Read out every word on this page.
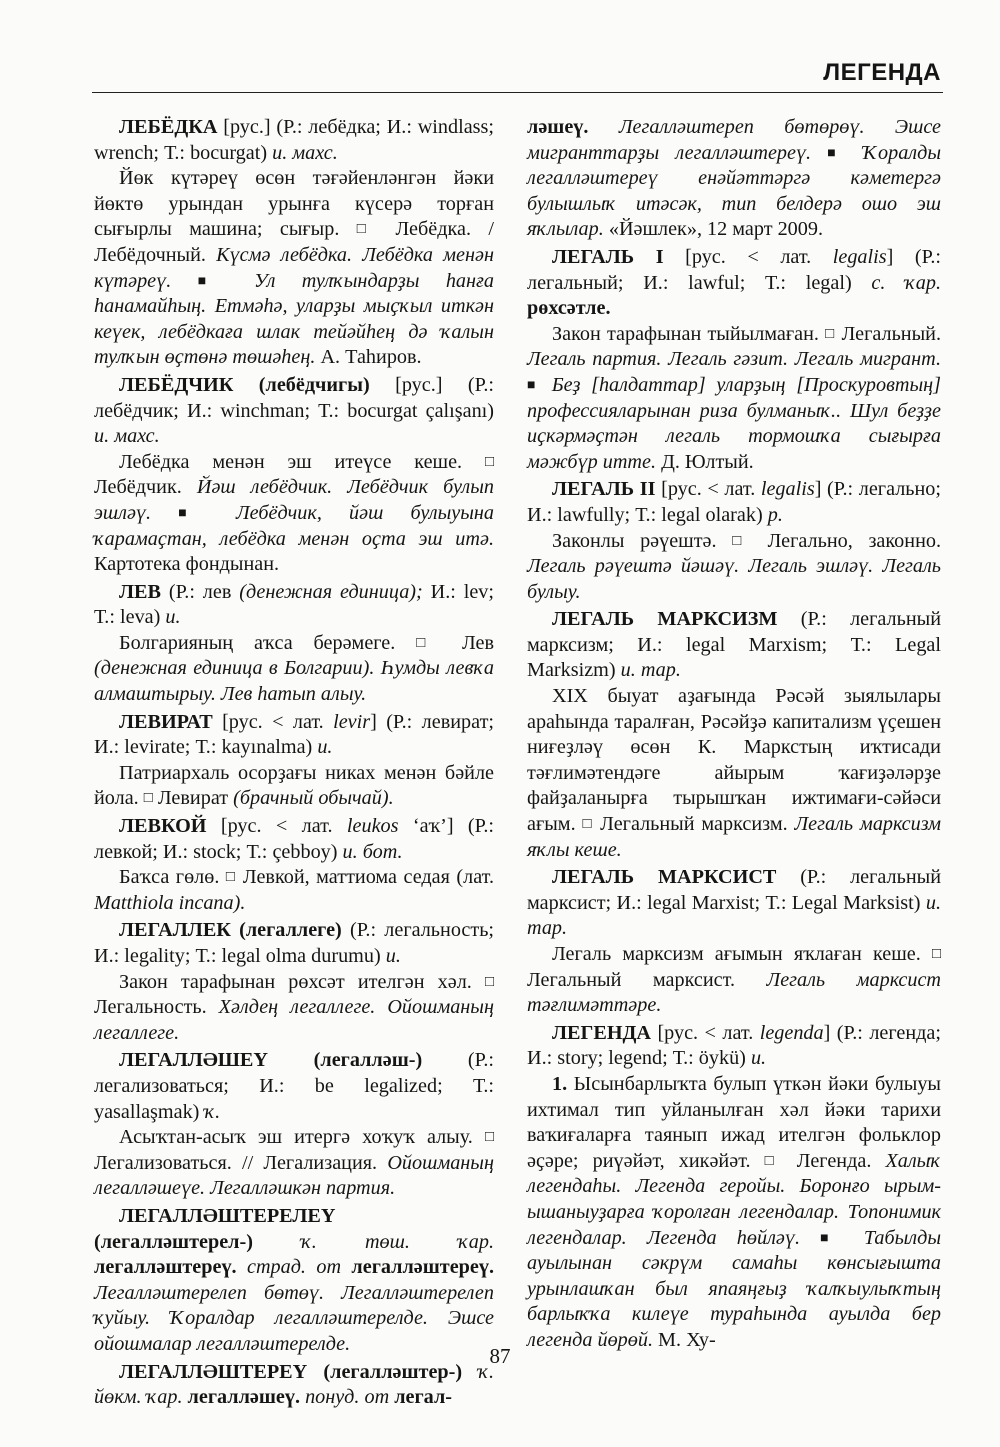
ЛЕГЕНДА

ЛЕБЁДКА [рус.] (Р.: лебёдка; И.: windlass; wrench; Т.: bocurgat) и. махс.

Йөк күтәреү өсөн тәғәйенләнгән йәки йөктө урындан урынға күсерә торған сығырлы машина; сығыр. □ Лебёдка. / Лебёдочный. Күсмә лебёдка. Лебёдка менән күтәреү. ■ Ул тулҡындарҙы һанға һанамайһың. Етмәһә, уларҙы мыҫҡыл иткән кеүек, лебёдкаға шлак тейәйһең дә ҡалын тулҡын өҫтөнә төшәһең. А. Таһиров.

ЛЕБЁДЧИК (лебёдчигы) [рус.] (Р.: лебёдчик; И.: winchman; Т.: bocurgat çalışanı) и. махс.

Лебёдка менән эш итеүсе кеше. □ Лебёдчик. Йәш лебёдчик. Лебёдчик булып эшләү. ■ Лебёдчик, йәш булыуына ҡарамаҫтан, лебёдка менән оҫта эш итә. Картотека фондынан.

ЛЕВ (Р.: лев (денежная единица); И.: lev; Т.: leva) и.

Болгарияның аҡса берәмеге. □ Лев (денежная единица в Болгарии). Һумды левҡа алмаштырыу. Лев һатып алыу.

ЛЕВИРАТ [рус. < лат. levir] (Р.: левират; И.: levirate; Т.: kayınalma) и.

Патриархаль осорҙағы никах менән бәйле йола. □ Левират (брачный обычай).

ЛЕВКОЙ [рус. < лат. leukos ‘аҡ’] (Р.: левкой; И.: stock; Т.: çebboy) и. бот.

Баҡса гөлө. □ Левкой, маттиома седая (лат. Matthiola incana).

ЛЕГАЛЛЕК (легаллеге) (Р.: легальность; И.: legality; Т.: legal olma durumu) и.

Закон тарафынан рөхсәт ителгән хәл. □ Легальность. Хәлдең легаллеге. Ойошманың легаллеге.

ЛЕГАЛЛӘШЕҮ (легалләш-) (Р.: легализоваться; И.: be legalized; Т.: yasallaşmak) ҡ.

Асыҡтан-асыҡ эш итергә хоҡуҡ алыу. □ Легализоваться. // Легализация. Ойошманың легалләшеүе. Легалләшкән партия.

ЛЕГАЛЛӘШТЕРЕЛЕҮ (легалләштерел-) ҡ. төш. ҡар. легалләштереү. страд. от легалләштереү. Легалләштерелеп бөтөү. Легалләштерелеп ҡуйыу. Ҡоралдар легалләштерелде. Эшсе ойошмалар легалләштерелде.

ЛЕГАЛЛӘШТЕРЕҮ (легалләштер-) ҡ. йөкм. ҡар. легалләшеү. понуд. от легал-

ләшеү. Легалләштереп бөтөрөү. Эшсе мигранттарҙы легалләштереү. ■ Ҡоралды легалләштереү енәйәттәргә кәметергә булышлыҡ итәсәк, тип белдерә ошо эш яҡлылар. «Йәшлек», 12 март 2009.

ЛЕГАЛЬ I [рус. < лат. legalis] (Р.: легальный; И.: lawful; Т.: legal) с. ҡар. рөхсәтле.

Закон тарафынан тыйылмаған. □ Легальный. Легаль партия. Легаль гәзит. Легаль мигрант. ■ Беҙ [һалдаттар] уларҙың [Проскуровтың] профессияларынан риза булманыҡ.. Шул беҙҙе иҫкәрмәҫтән легаль тормошҡа сығырға мәжбүр итте. Д. Юлтый.

ЛЕГАЛЬ II [рус. < лат. legalis] (Р.: легально; И.: lawfully; Т.: legal olarak) р.

Законлы рәүештә. □ Легально, законно. Легаль рәүештә йәшәү. Легаль эшләү. Легаль булыу.

ЛЕГАЛЬ МАРКСИЗМ (Р.: легальный марксизм; И.: legal Marxism; Т.: Legal Marksizm) и. тар.

XIX быуат аҙағында Рәсәй зыялылары араһында таралған, Рәсәйҙә капитализм үҫешен ниғеҙләү өсөн К. Маркстың иҡтисади тәғлимәтендәге айырым ҡағиҙәләрҙе файҙаланырға тырышҡан ижтимағи-сәйәси ағым. □ Легальный марксизм. Легаль марксизм яҡлы кеше.

ЛЕГАЛЬ МАРКСИСТ (Р.: легальный марксист; И.: legal Marxist; Т.: Legal Marksist) и. тар.

Легаль марксизм ағымын яҡлаған кеше. □ Легальный марксист. Легаль марксист тәғлимәттәре.

ЛЕГЕНДА [рус. < лат. legenda] (Р.: легенда; И.: story; legend; Т.: öykü) и.

1. Ысынбарлыҡта булып үткән йәки булыуы ихтимал тип уйланылған хәл йәки тарихи ваҡиғаларға таянып ижад ителгән фольклор әҫәре; риүәйәт, хикәйәт. □ Легенда. Халыҡ легендаһы. Легенда геройы. Боронғо ырым-ышаныуҙарға ҡоролған легендалар. Топонимик легендалар. Легенда һөйләү. ■ Табылды ауылынан сәкрүм самаһы көнсығышта урынлашҡан был япаяңғыҙ ҡалҡыулыҡтың барлыҡҡа килеүе тураһында ауылда бер легенда йөрөй. М. Ху-

87
